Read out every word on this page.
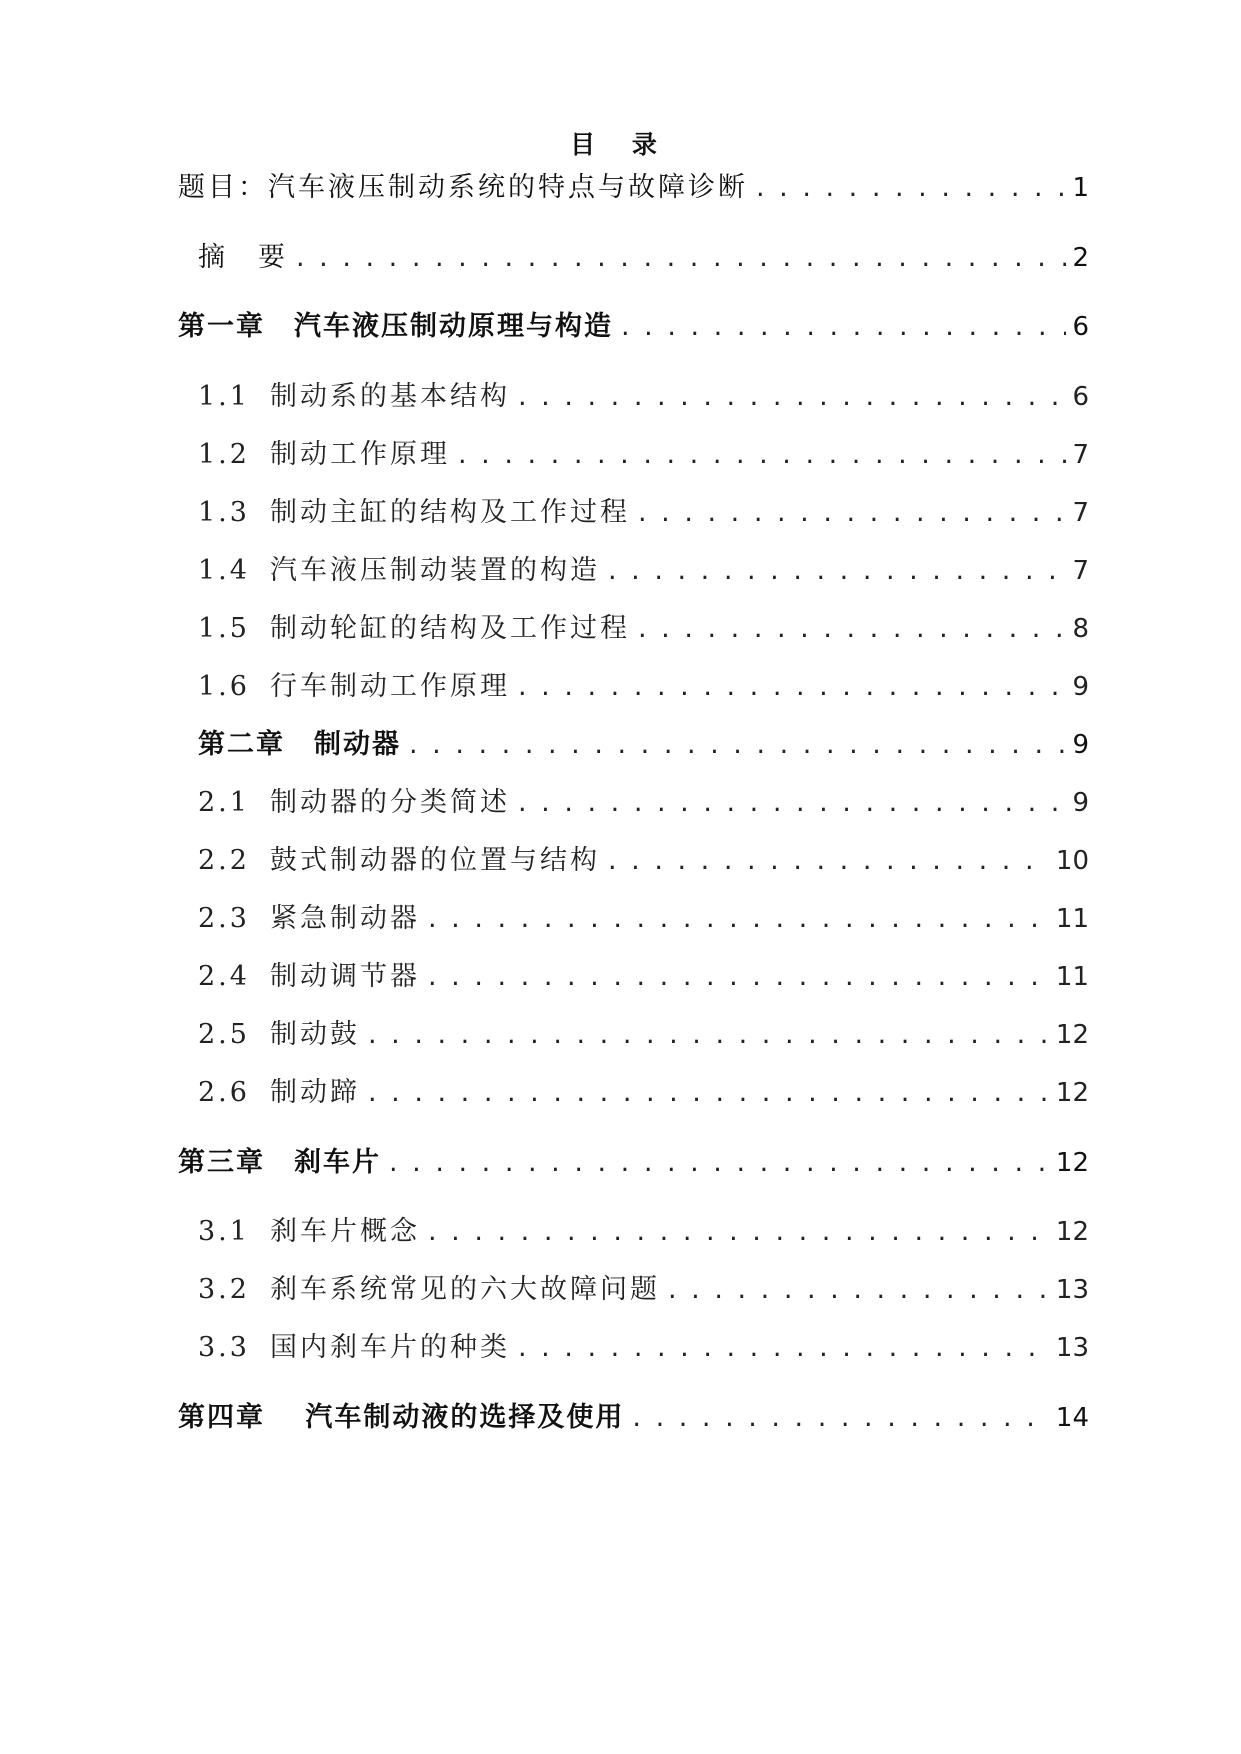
目 录
题目：汽车液压制动系统的特点与故障诊断 . . .	1
摘　要 . . .	2
第一章　汽车液压制动原理与构造 . . .	6
1.1 制动系的基本结构 . . .	6
1.2 制动工作原理 . . .	7
1.3 制动主缸的结构及工作过程 . . .	7
1.4 汽车液压制动装置的构造 . . .	7
1.5 制动轮缸的结构及工作过程 . . .	8
1.6 行车制动工作原理 . . .	9
第二章　制动器 . . .	9
2.1 制动器的分类简述 . . .	9
2.2 鼓式制动器的位置与结构 . . .	10
2.3 紧急制动器 . . .	11
2.4 制动调节器 . . .	11
2.5 制动鼓 . . .	12
2.6 制动蹄 . . .	12
第三章　刹车片 . . .	12
3.1 刹车片概念 . . .	12
3.2 刹车系统常见的六大故障问题 . . .	13
3.3 国内刹车片的种类 . . .	13
第四章　 汽车制动液的选择及使用 . . .	14
